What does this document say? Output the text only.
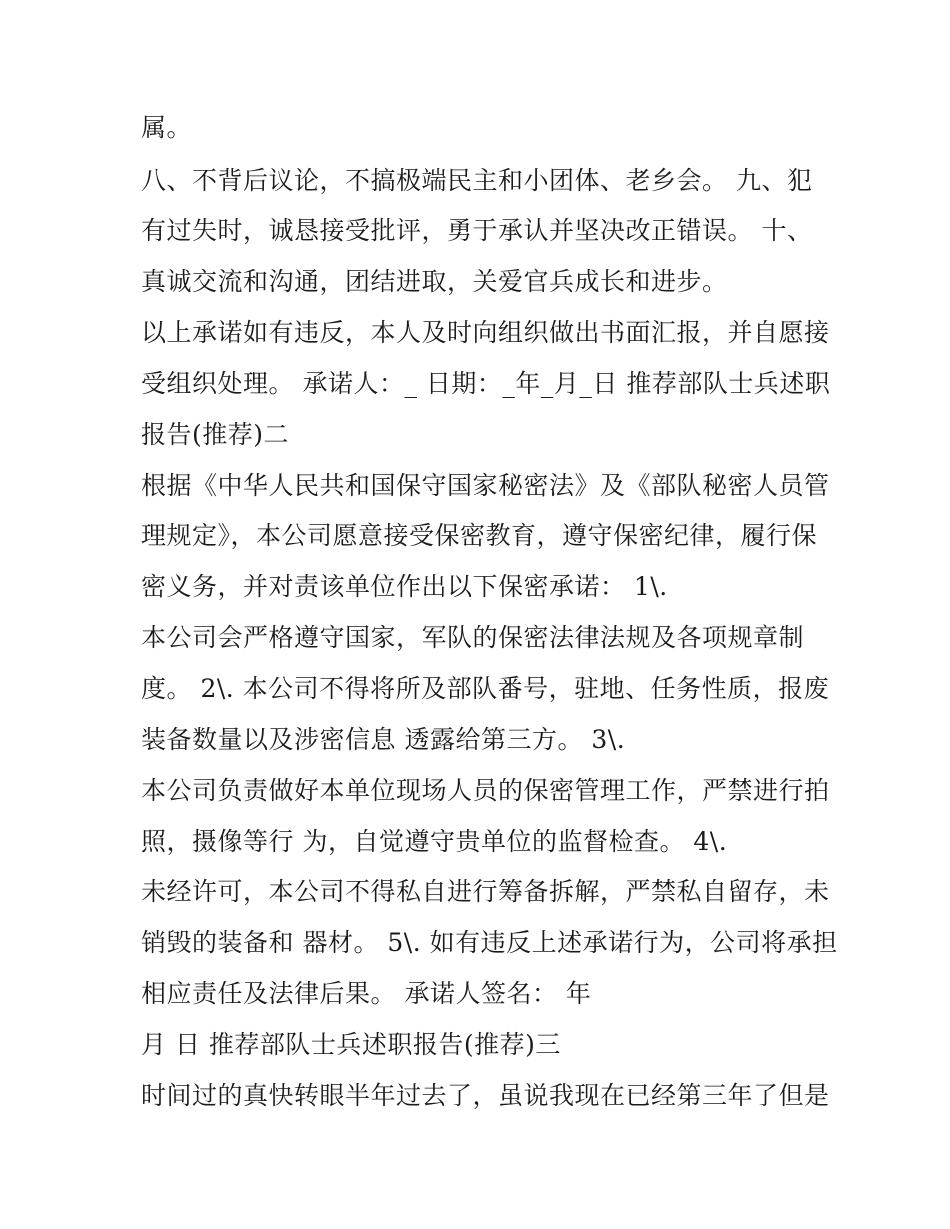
属。
八、不背后议论，不搞极端民主和小团体、老乡会。 九、犯
有过失时，诚恳接受批评，勇于承认并坚决改正错误。 十、
真诚交流和沟通，团结进取，关爱官兵成长和进步。
以上承诺如有违反，本人及时向组织做出书面汇报，并自愿接
受组织处理。 承诺人：_ 日期：_年_月_日 推荐部队士兵述职
报告(推荐)二
根据《中华人民共和国保守国家秘密法》及《部队秘密人员管
理规定》，本公司愿意接受保密教育，遵守保密纪律，履行保
密义务，并对责该单位作出以下保密承诺： 1\.
本公司会严格遵守国家，军队的保密法律法规及各项规章制
度。 2\. 本公司不得将所及部队番号，驻地、任务性质，报废
装备数量以及涉密信息 透露给第三方。 3\.
本公司负责做好本单位现场人员的保密管理工作，严禁进行拍
照，摄像等行 为，自觉遵守贵单位的监督检查。 4\.
未经许可，本公司不得私自进行筹备拆解，严禁私自留存，未
销毁的装备和 器材。 5\. 如有违反上述承诺行为，公司将承担
相应责任及法律后果。 承诺人签名： 年
月 日 推荐部队士兵述职报告(推荐)三
时间过的真快转眼半年过去了，虽说我现在已经第三年了但是
